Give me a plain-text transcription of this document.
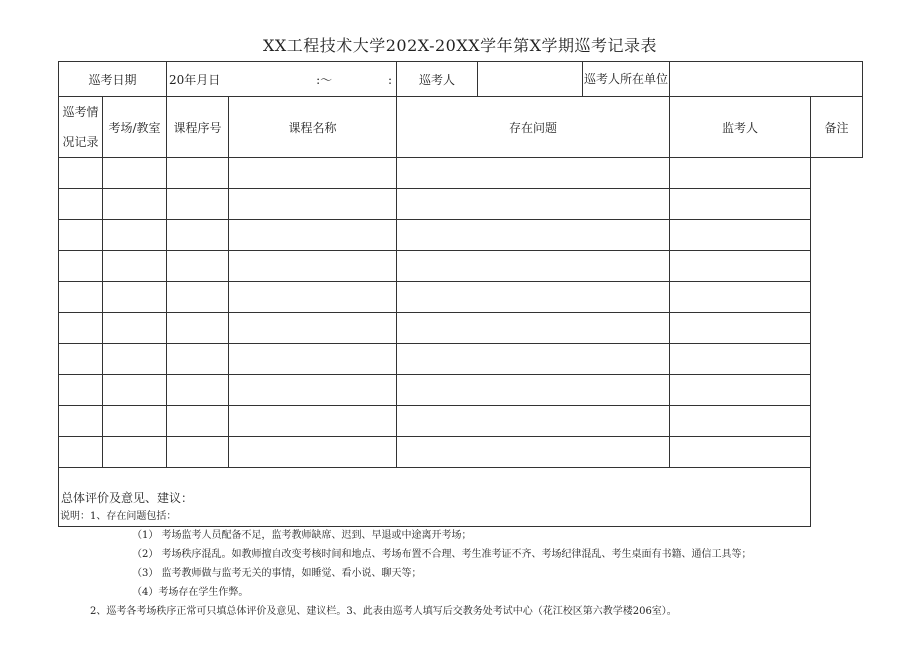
XX工程技术大学202X-20XX学年第X学期巡考记录表
巡考日期		20年月日 :～ :		巡考人 巡考人所在单位		

巡考情
况记录	考场/教室	课程序号	课程名称	存在问题	监考人	备注

总体评价及意见、建议：						
说明：1、存在问题包括：
（1） 考场监考人员配备不足，监考教师缺席、迟到、早退或中途离开考场；
（2） 考场秩序混乱。如教师擅自改变考核时间和地点、考场布置不合理、考生准考证不齐、考场纪律混乱、考生桌面有书籍、通信工具等；
（3） 监考教师做与监考无关的事情，如睡觉、看小说、聊天等；
（4）考场存在学生作弊。
2、巡考各考场秩序正常可只填总体评价及意见、建议栏。3、此表由巡考人填写后交教务处考试中心（花江校区第六教学楼206室）。
